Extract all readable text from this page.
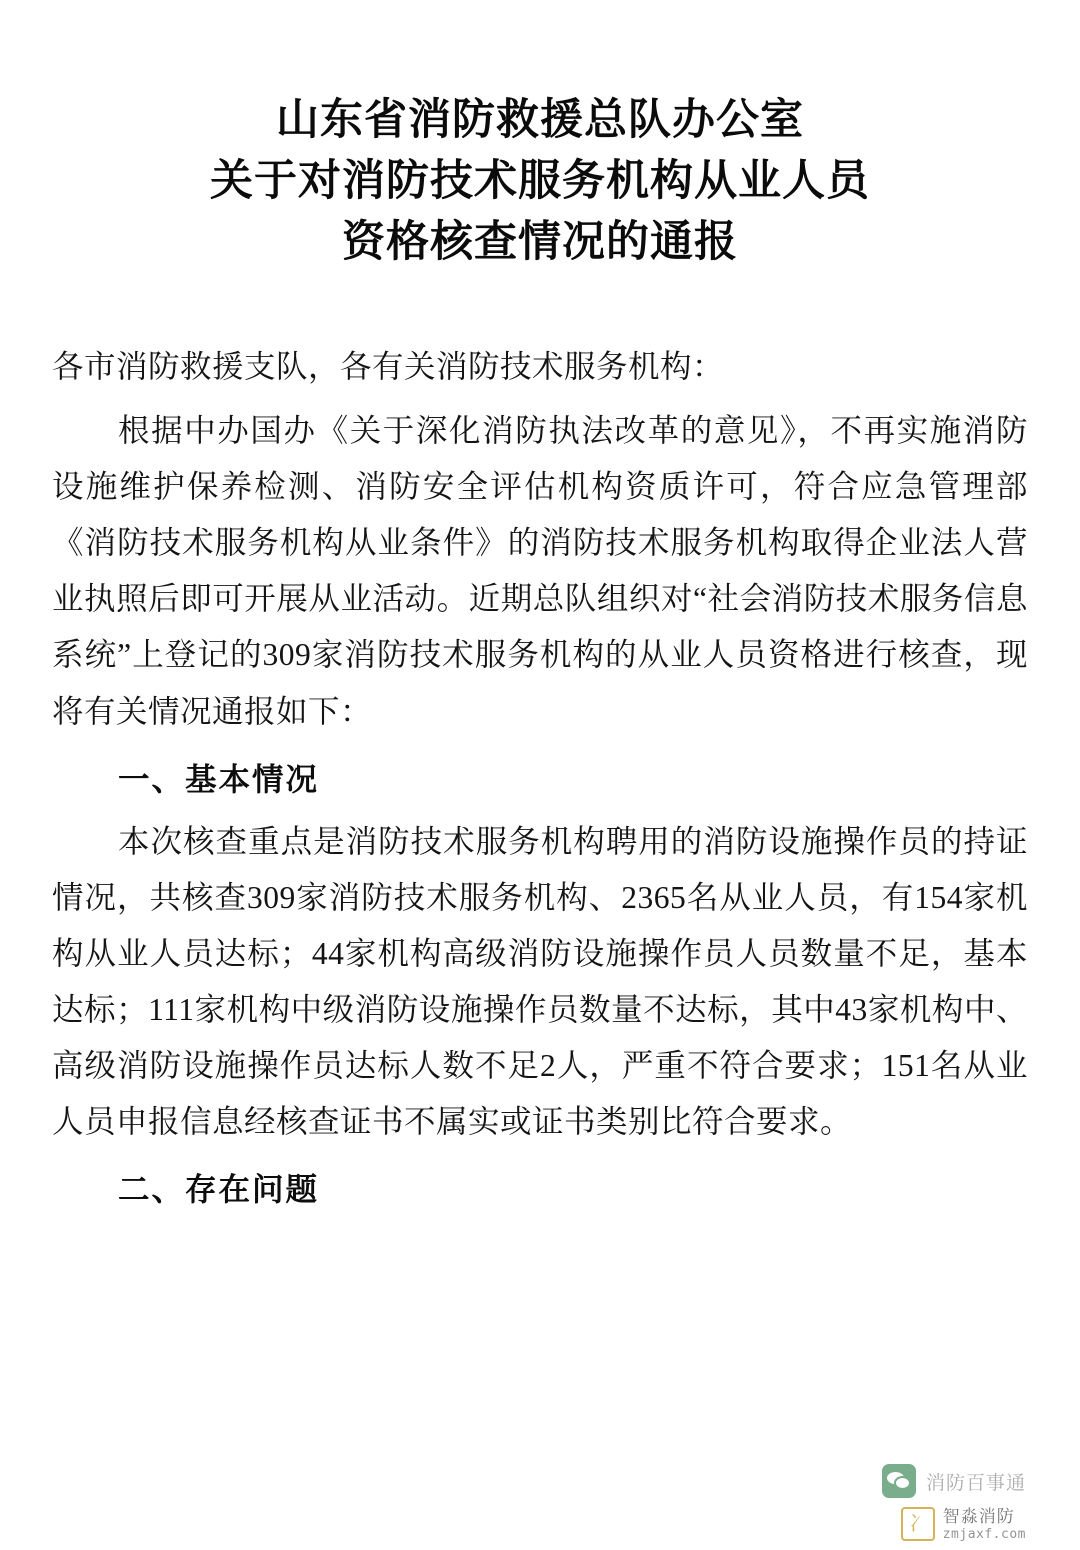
山东省消防救援总队办公室
关于对消防技术服务机构从业人员
资格核查情况的通报

各市消防救援支队，各有关消防技术服务机构：

根据中办国办《关于深化消防执法改革的意见》，不再实施消防设施维护保养检测、消防安全评估机构资质许可，符合应急管理部《消防技术服务机构从业条件》的消防技术服务机构取得企业法人营业执照后即可开展从业活动。近期总队组织对“社会消防技术服务信息系统”上登记的309家消防技术服务机构的从业人员资格进行核查，现将有关情况通报如下：

一、基本情况

本次核查重点是消防技术服务机构聘用的消防设施操作员的持证情况，共核查309家消防技术服务机构、2365名从业人员，有154家机构从业人员达标；44家机构高级消防设施操作员人员数量不足，基本达标；111家机构中级消防设施操作员数量不达标，其中43家机构中、高级消防设施操作员达标人数不足2人，严重不符合要求；151名从业人员申报信息经核查证书不属实或证书类别比符合要求。

二、存在问题

消防百事通
冫
智淼消防
zmjaxf.com
